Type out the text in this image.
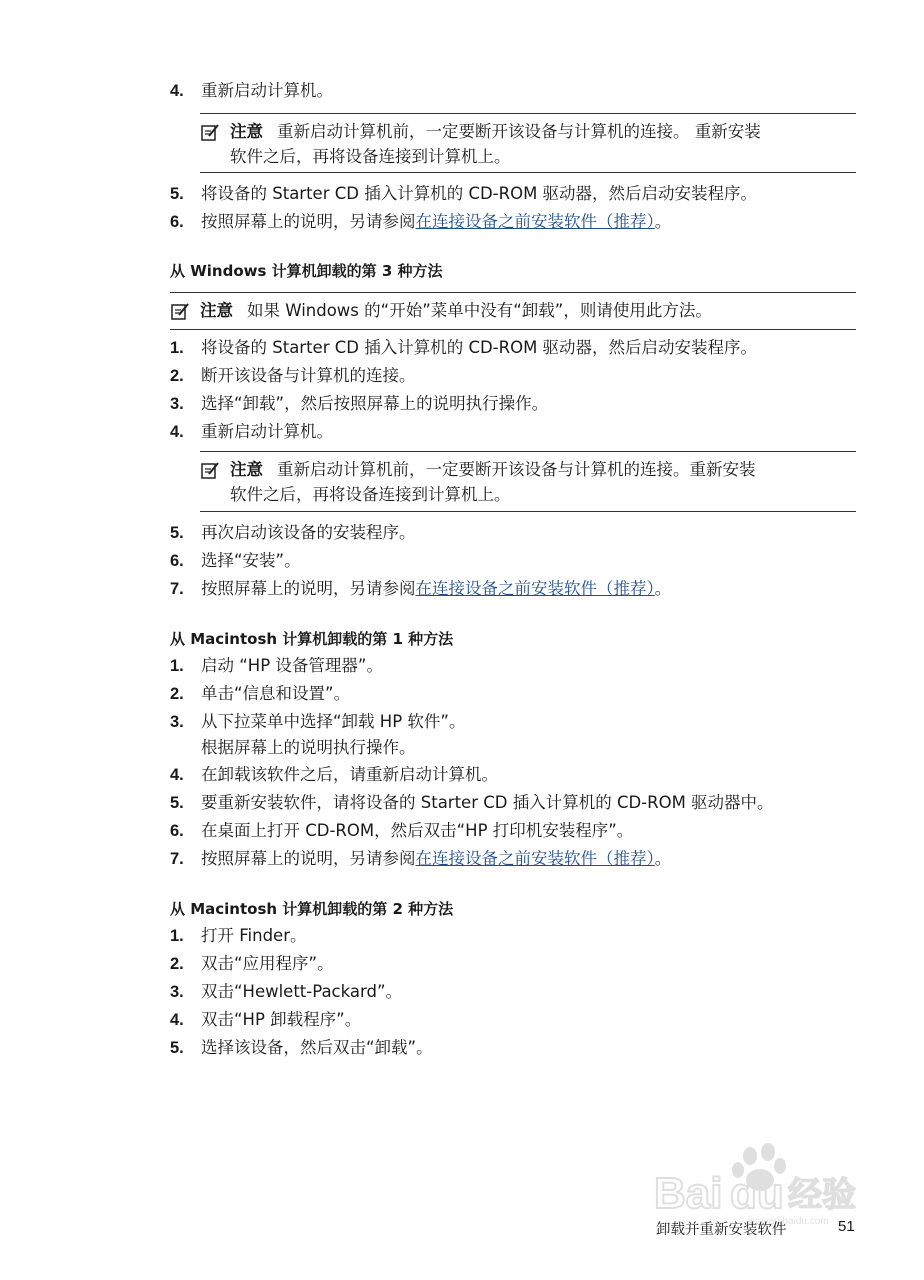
4.	重新启动计算机。
注意 重新启动计算机前，一定要断开该设备与计算机的连接。 重新安装
软件之后，再将设备连接到计算机上。
5.	将设备的 Starter CD 插入计算机的 CD-ROM 驱动器，然后启动安装程序。
6.	按照屏幕上的说明，另请参阅在连接设备之前安装软件（推荐）。
从 Windows 计算机卸载的第 3 种方法
注意 如果 Windows 的“开始”菜单中没有“卸载”，则请使用此方法。
1.	将设备的 Starter CD 插入计算机的 CD-ROM 驱动器，然后启动安装程序。
2.	断开该设备与计算机的连接。
3.	选择“卸载”，然后按照屏幕上的说明执行操作。
4.	重新启动计算机。
注意 重新启动计算机前，一定要断开该设备与计算机的连接。重新安装
软件之后，再将设备连接到计算机上。
5.	再次启动该设备的安装程序。
6.	选择“安装”。
7.	按照屏幕上的说明，另请参阅在连接设备之前安装软件（推荐）。
从 Macintosh 计算机卸载的第 1 种方法
1.	启动 “HP 设备管理器”。
2.	单击“信息和设置”。
3.	从下拉菜单中选择“卸载 HP 软件”。
根据屏幕上的说明执行操作。
4.	在卸载该软件之后，请重新启动计算机。
5.	要重新安装软件，请将设备的 Starter CD 插入计算机的 CD-ROM 驱动器中。
6.	在桌面上打开 CD-ROM，然后双击“HP 打印机安装程序”。
7.	按照屏幕上的说明，另请参阅在连接设备之前安装软件（推荐）。
从 Macintosh 计算机卸载的第 2 种方法
1.	打开 Finder。
2.	双击“应用程序”。
3.	双击“Hewlett-Packard”。
4.	双击“HP 卸载程序”。
5.	选择该设备，然后双击“卸载”。
Bai du 经验
jingyan.baidu.com
卸载并重新安装软件	51
